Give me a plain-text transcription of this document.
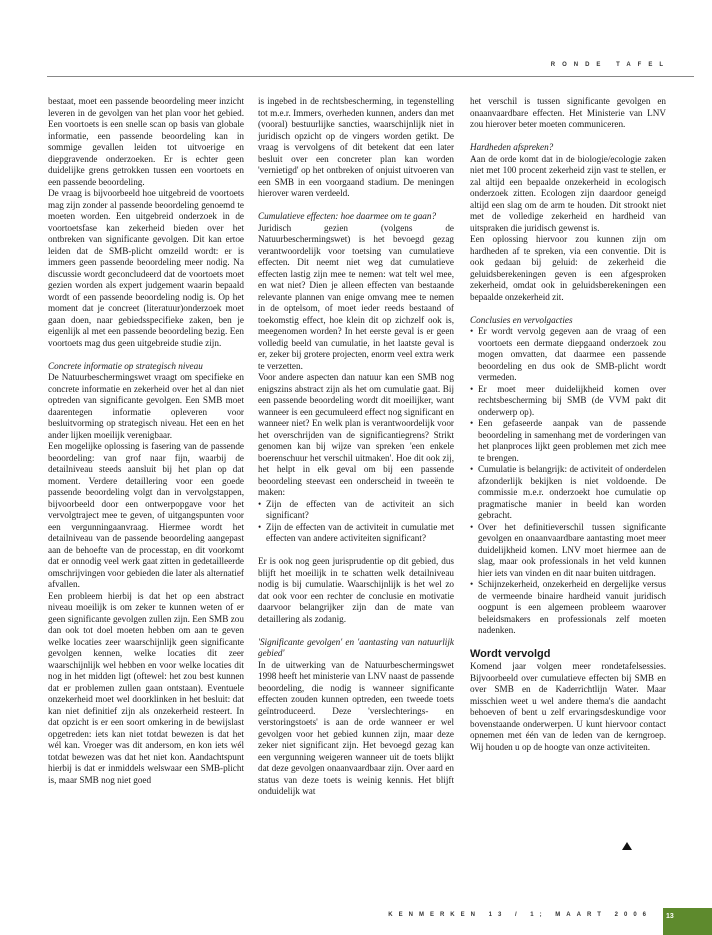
RONDE TAFEL

bestaat, moet een passende beoordeling meer inzicht leveren in de gevolgen van het plan voor het gebied. Een voortoets is een snelle scan op basis van globale informatie, een passende beoordeling kan in sommige gevallen leiden tot uitvoerige en diepgravende onderzoeken. Er is echter geen duidelijke grens getrokken tussen een voortoets en een passende beoordeling.

De vraag is bijvoorbeeld hoe uitgebreid de voortoets mag zijn zonder al passende beoordeling genoemd te moeten worden. Een uitgebreid onderzoek in de voortoetsfase kan zekerheid bieden over het ontbreken van significante gevolgen. Dit kan ertoe leiden dat de SMB-plicht omzeild wordt: er is immers geen passende beoordeling meer nodig. Na discussie wordt geconcludeerd dat de voortoets moet gezien worden als expert judgement waarin bepaald wordt of een passende beoordeling nodig is. Op het moment dat je concreet (literatuur)onderzoek moet gaan doen, naar gebiedsspecifieke zaken, ben je eigenlijk al met een passende beoordeling bezig. Een voortoets mag dus geen uitgebreide studie zijn.

Concrete informatie op strategisch niveau

De Natuurbeschermingswet vraagt om specifieke en concrete informatie en zekerheid over het al dan niet optreden van significante gevolgen. Een SMB moet daarentegen informatie opleveren voor besluitvorming op strategisch niveau. Het een en het ander lijken moeilijk verenigbaar.

Een mogelijke oplossing is fasering van de passende beoordeling: van grof naar fijn, waarbij de detailniveau steeds aansluit bij het plan op dat moment. Verdere detaillering voor een goede passende beoordeling volgt dan in vervolgstappen, bijvoorbeeld door een ontwerpopgave voor het vervolgtraject mee te geven, of uitgangspunten voor een vergunningaanvraag. Hiermee wordt het detailniveau van de passende beoordeling aangepast aan de behoefte van de processtap, en dit voorkomt dat er onnodig veel werk gaat zitten in gedetailleerde omschrijvingen voor gebieden die later als alternatief afvallen.

Een probleem hierbij is dat het op een abstract niveau moeilijk is om zeker te kunnen weten of er geen significante gevolgen zullen zijn. Een SMB zou dan ook tot doel moeten hebben om aan te geven welke locaties zeer waarschijnlijk geen significante gevolgen kennen, welke locaties dit zeer waarschijnlijk wel hebben en voor welke locaties dit nog in het midden ligt (oftewel: het zou best kunnen dat er problemen zullen gaan ontstaan). Eventuele onzekerheid moet wel doorklinken in het besluit: dat kan niet definitief zijn als onzekerheid resteert. In dat opzicht is er een soort omkering in de bewijslast opgetreden: iets kan niet totdat bewezen is dat het wél kan. Vroeger was dit andersom, en kon iets wél totdat bewezen was dat het niet kon. Aandachtspunt hierbij is dat er inmiddels welswaar een SMB-plicht is, maar SMB nog niet goed

is ingebed in de rechtsbescherming, in tegenstelling tot m.e.r. Immers, overheden kunnen, anders dan met (vooral) bestuurlijke sancties, waarschijnlijk niet in juridisch opzicht op de vingers worden getikt. De vraag is vervolgens of dit betekent dat een later besluit over een concreter plan kan worden 'vernietigd' op het ontbreken of onjuist uitvoeren van een SMB in een voorgaand stadium. De meningen hierover waren verdeeld.

Cumulatieve effecten: hoe daarmee om te gaan?

Juridisch gezien (volgens de Natuurbeschermingswet) is het bevoegd gezag verantwoordelijk voor toetsing van cumulatieve effecten. Dit neemt niet weg dat cumulatieve effecten lastig zijn mee te nemen: wat telt wel mee, en wat niet? Dien je alleen effecten van bestaande relevante plannen van enige omvang mee te nemen in de optelsom, of moet ieder reeds bestaand of toekomstig effect, hoe klein dit op zichzelf ook is, meegenomen worden? In het eerste geval is er geen volledig beeld van cumulatie, in het laatste geval is er, zeker bij grotere projecten, enorm veel extra werk te verzetten.

Voor andere aspecten dan natuur kan een SMB nog enigszins abstract zijn als het om cumulatie gaat. Bij een passende beoordeling wordt dit moeilijker, want wanneer is een gecumuleerd effect nog significant en wanneer niet? En welk plan is verantwoordelijk voor het overschrijden van de significantiegrens? Strikt genomen kan bij wijze van spreken 'een enkele boerenschuur het verschil uitmaken'. Hoe dit ook zij, het helpt in elk geval om bij een passende beoordeling steevast een onderscheid in tweeën te maken:

• Zijn de effecten van de activiteit an sich significant?
• Zijn de effecten van de activiteit in cumulatie met effecten van andere activiteiten significant?

Er is ook nog geen jurisprudentie op dit gebied, dus blijft het moeilijk in te schatten welk detailniveau nodig is bij cumulatie. Waarschijnlijk is het wel zo dat ook voor een rechter de conclusie en motivatie daarvoor belangrijker zijn dan de mate van detaillering als zodanig.

'Significante gevolgen' en 'aantasting van natuurlijk gebied'

In de uitwerking van de Natuurbeschermingswet 1998 heeft het ministerie van LNV naast de passende beoordeling, die nodig is wanneer significante effecten zouden kunnen optreden, een tweede toets geïntroduceerd. Deze 'verslechterings- en verstoringstoets' is aan de orde wanneer er wel gevolgen voor het gebied kunnen zijn, maar deze zeker niet significant zijn. Het bevoegd gezag kan een vergunning weigeren wanneer uit de toets blijkt dat deze gevolgen onaanvaardbaar zijn. Over aard en status van deze toets is weinig kennis. Het blijft onduidelijk wat

het verschil is tussen significante gevolgen en onaanvaardbare effecten. Het Ministerie van LNV zou hierover beter moeten communiceren.

Hardheden afspreken?

Aan de orde komt dat in de biologie/ecologie zaken niet met 100 procent zekerheid zijn vast te stellen, er zal altijd een bepaalde onzekerheid in ecologisch onderzoek zitten. Ecologen zijn daardoor geneigd altijd een slag om de arm te houden. Dit strookt niet met de volledige zekerheid en hardheid van uitspraken die juridisch gewenst is.

Een oplossing hiervoor zou kunnen zijn om hardheden af te spreken, via een conventie. Dit is ook gedaan bij geluid: de zekerheid die geluidsberekeningen geven is een afgesproken zekerheid, omdat ook in geluidsberekeningen een bepaalde onzekerheid zit.

Conclusies en vervolgacties
• Er wordt vervolg gegeven aan de vraag of een voortoets een dermate diepgaand onderzoek zou mogen omvatten, dat daarmee een passende beoordeling en dus ook de SMB-plicht wordt vermeden.
• Er moet meer duidelijkheid komen over rechtsbescherming bij SMB (de VVM pakt dit onderwerp op).
• Een gefaseerde aanpak van de passende beoordeling in samenhang met de vorderingen van het planproces lijkt geen problemen met zich mee te brengen.
• Cumulatie is belangrijk: de activiteit of onderdelen afzonderlijk bekijken is niet voldoende. De commissie m.e.r. onderzoekt hoe cumulatie op pragmatische manier in beeld kan worden gebracht.
• Over het definitieverschil tussen significante gevolgen en onaanvaardbare aantasting moet meer duidelijkheid komen. LNV moet hiermee aan de slag, maar ook professionals in het veld kunnen hier iets van vinden en dit naar buiten uitdragen.
• Schijnzekerheid, onzekerheid en dergelijke versus de vermeende binaire hardheid vanuit juridisch oogpunt is een algemeen probleem waarover beleidsmakers en professionals zelf moeten nadenken.
Wordt vervolgd

Komend jaar volgen meer rondetafelsessies. Bijvoorbeeld over cumulatieve effecten bij SMB en over SMB en de Kaderrichtlijn Water. Maar misschien weet u wel andere thema's die aandacht behoeven of bent u zelf ervaringsdeskundige voor bovenstaande onderwerpen. U kunt hiervoor contact opnemen met één van de leden van de kerngroep. Wij houden u op de hoogte van onze activiteiten.

KENMERKEN 13 / 1; MAART 2006	13
